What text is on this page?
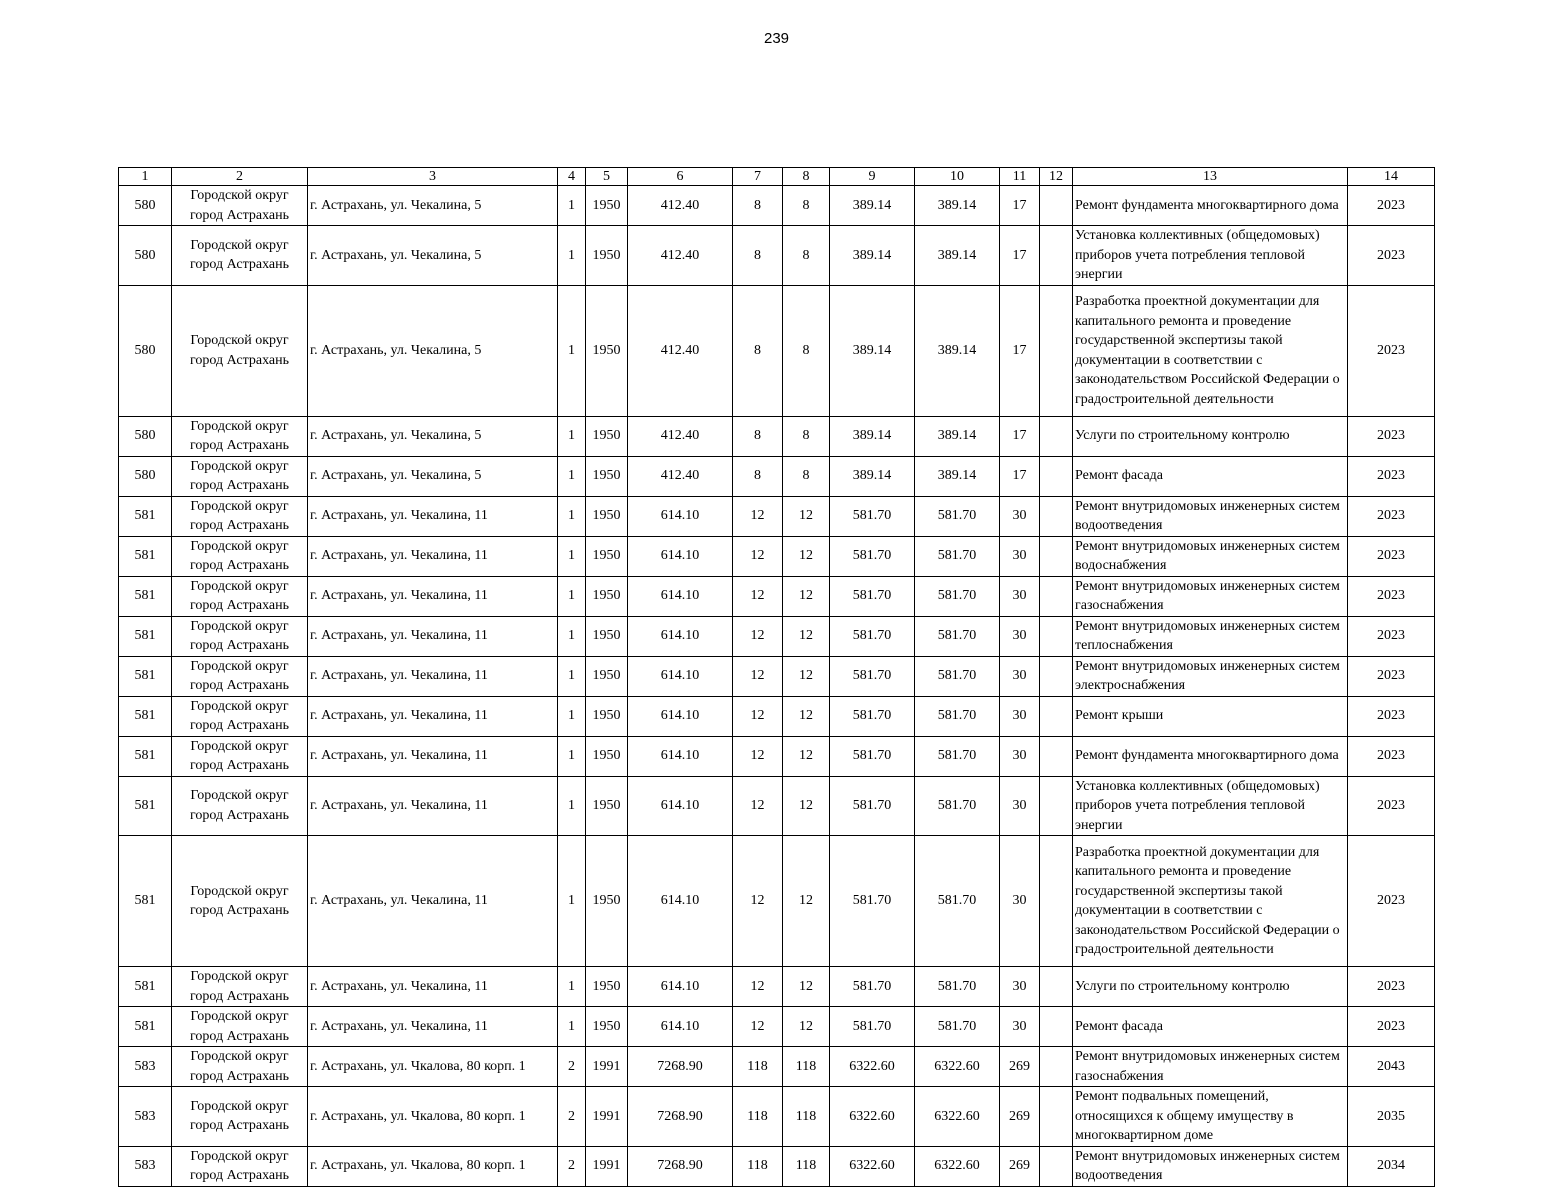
239
1	2	3	4	5	6	7	8	9	10	11	12	13	14
580	Городской округ город Астрахань	г. Астрахань, ул. Чекалина, 5	1	1950	412.40	8	8	389.14	389.14	17		Ремонт фундамента многоквартирного дома	2023
580	Городской округ город Астрахань	г. Астрахань, ул. Чекалина, 5	1	1950	412.40	8	8	389.14	389.14	17		Установка коллективных (общедомовых) приборов учета потребления тепловой энергии	2023
580	Городской округ город Астрахань	г. Астрахань, ул. Чекалина, 5	1	1950	412.40	8	8	389.14	389.14	17		Разработка проектной документации для капитального ремонта и проведение государственной экспертизы такой документации в соответствии с законодательством Российской Федерации о градостроительной деятельности	2023
580	Городской округ город Астрахань	г. Астрахань, ул. Чекалина, 5	1	1950	412.40	8	8	389.14	389.14	17		Услуги по строительному контролю	2023
580	Городской округ город Астрахань	г. Астрахань, ул. Чекалина, 5	1	1950	412.40	8	8	389.14	389.14	17		Ремонт фасада	2023
581	Городской округ город Астрахань	г. Астрахань, ул. Чекалина, 11	1	1950	614.10	12	12	581.70	581.70	30		Ремонт внутридомовых инженерных систем водоотведения	2023
581	Городской округ город Астрахань	г. Астрахань, ул. Чекалина, 11	1	1950	614.10	12	12	581.70	581.70	30		Ремонт внутридомовых инженерных систем водоснабжения	2023
581	Городской округ город Астрахань	г. Астрахань, ул. Чекалина, 11	1	1950	614.10	12	12	581.70	581.70	30		Ремонт внутридомовых инженерных систем газоснабжения	2023
581	Городской округ город Астрахань	г. Астрахань, ул. Чекалина, 11	1	1950	614.10	12	12	581.70	581.70	30		Ремонт внутридомовых инженерных систем теплоснабжения	2023
581	Городской округ город Астрахань	г. Астрахань, ул. Чекалина, 11	1	1950	614.10	12	12	581.70	581.70	30		Ремонт внутридомовых инженерных систем электроснабжения	2023
581	Городской округ город Астрахань	г. Астрахань, ул. Чекалина, 11	1	1950	614.10	12	12	581.70	581.70	30		Ремонт крыши	2023
581	Городской округ город Астрахань	г. Астрахань, ул. Чекалина, 11	1	1950	614.10	12	12	581.70	581.70	30		Ремонт фундамента многоквартирного дома	2023
581	Городской округ город Астрахань	г. Астрахань, ул. Чекалина, 11	1	1950	614.10	12	12	581.70	581.70	30		Установка коллективных (общедомовых) приборов учета потребления тепловой энергии	2023
581	Городской округ город Астрахань	г. Астрахань, ул. Чекалина, 11	1	1950	614.10	12	12	581.70	581.70	30		Разработка проектной документации для капитального ремонта и проведение государственной экспертизы такой документации в соответствии с законодательством Российской Федерации о градостроительной деятельности	2023
581	Городской округ город Астрахань	г. Астрахань, ул. Чекалина, 11	1	1950	614.10	12	12	581.70	581.70	30		Услуги по строительному контролю	2023
581	Городской округ город Астрахань	г. Астрахань, ул. Чекалина, 11	1	1950	614.10	12	12	581.70	581.70	30		Ремонт фасада	2023
583	Городской округ город Астрахань	г. Астрахань, ул. Чкалова, 80 корп. 1	2	1991	7268.90	118	118	6322.60	6322.60	269		Ремонт внутридомовых инженерных систем газоснабжения	2043
583	Городской округ город Астрахань	г. Астрахань, ул. Чкалова, 80 корп. 1	2	1991	7268.90	118	118	6322.60	6322.60	269		Ремонт подвальных помещений, относящихся к общему имуществу в многоквартирном доме	2035
583	Городской округ город Астрахань	г. Астрахань, ул. Чкалова, 80 корп. 1	2	1991	7268.90	118	118	6322.60	6322.60	269		Ремонт внутридомовых инженерных систем водоотведения	2034
